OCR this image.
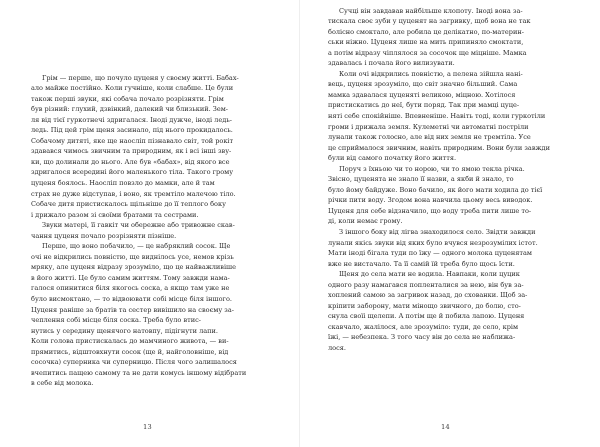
Грім — перше, що почуло цуценя у своєму житті. Бабах-
ало майже постійно. Коли гучніше, коли слабше. Це були
також перші звуки, які собача почало розрізняти. Грім
був різний: глухий, дзвінкий, далекий чи близький. Зем-
ля від тієї гуркотнечі здригалася. Іноді дужче, іноді ледь-
ледь. Під цей грім щеня засинало, під нього прокидалось.
Собачому дитяті, яке ще наосліп пізнавало світ, той рокіт
здавався чимось звичним та природним, як і всі інші зву-
ки, що долинали до нього. Але був «бабах», від якого все
здригалося всередині його маленького тіла. Такого грому
цуценя боялось. Наосліп повзло до мамки, але й там
страх не дуже відступав, і воно, як тремтіло малечою тіло.
Собаче дитя пристискалось щільніше до її теплого боку
і дрижало разом зі своїми братами та сестрами.
Звуки матері, її гавкіт чи обережне або тривожне скав-
чання цуценя почало розрізняти пізніше.
Перше, що воно побачило, — це набряклий сосок. Ще
очі не відкрились повністю, ще виднілось усе, немов крізь
мряку, але цуценя відразу зрозуміло, що це найважливіше
в його житті. Це було самим життям. Тому завжди нама-
галося опинитися біля якогось соска, а якщо там уже не
було висмоктано, — то відвоювати собі місце біля іншого.
Цуценя раніше за братів та сестер вивішило на своєму за-
чеплення собі місце біля соска. Треба було втис-
нутись у середину щенячого натовпу, підігнути лапи.
Коли голова пристискалась до мамчиного живота, — ви-
прямитись, відштовхнути сосок (ще й, найголовніше, від
соcочка) суперника чи суперницю. Після чого залишалося
вчепитись пащею самому та не дати комусь іншому відібрати
в себе від молока.
13
Сучці він завдавав найбільше клопоту. Іноді вона за-
тискала своє зуби у цуценят на загривку, щоб вона не так
болісно смоктало, але робила це делікатно, по-материн-
ськи ніжно. Цуценя лише на мить припиняло смоктати,
а потім відразу чіплялося за сосочок ще міцніше. Мамка
здавалась і почала його вилизувати.
Коли очі відкрились повністю, а пелена зійшла нані-
вець, цуценя зрозуміло, що світ значно більший. Сама
мамка здавалася цуценяті великою, міцною. Хотілося
пристискатись до неї, бути поряд. Так при мамці цуце-
няті себе спокійніше. Впевненіше. Навіть тоді, коли гуркотіли
громи і дрижала земля. Кулеметні чи автоматні постріли
лунали також голосно, але від них земля не тремтіла. Усе
це сприймалося звичним, навіть природним. Вони були завжди
були від самого початку його життя.
Поруч з їхньою чи то норою, чи то ямою текла річка.
Звісно, цуценята не знало її назви, а якби й знало, то
було йому байдуже. Воно бачило, як його мати ходила до тієї
річки пити воду. Згодом вона навчила цьому весь виводок.
Цуценя для себе відзначило, що воду треба пити лише то-
ді, коли немає грому.
З іншого боку від лігва знаходилося село. Звідти завжди
лунали якісь звуки від яких було вчувся незрозумілих істот.
Мати іноді бігала туди по їжу — одного молока цуценятам
вже не вистачало. Та її самій їй треба було щось їсти.
Щеня до села мати не водила. Навпаки, коли цуцик
одного разу намагався попленталися за нею, він був за-
хоплений самою за загривок назад, до схованки. Щоб за-
кріпити заборону, мати мінощо звичного, до болю, сто-
снула своїі щелепи. А потім ще й побила лапою. Цуценя
скавчало, жалілося, але зрозуміло: туди, де село, крім
їжі, — небезпека. З того часу він до села не наближа-
лося.
14
